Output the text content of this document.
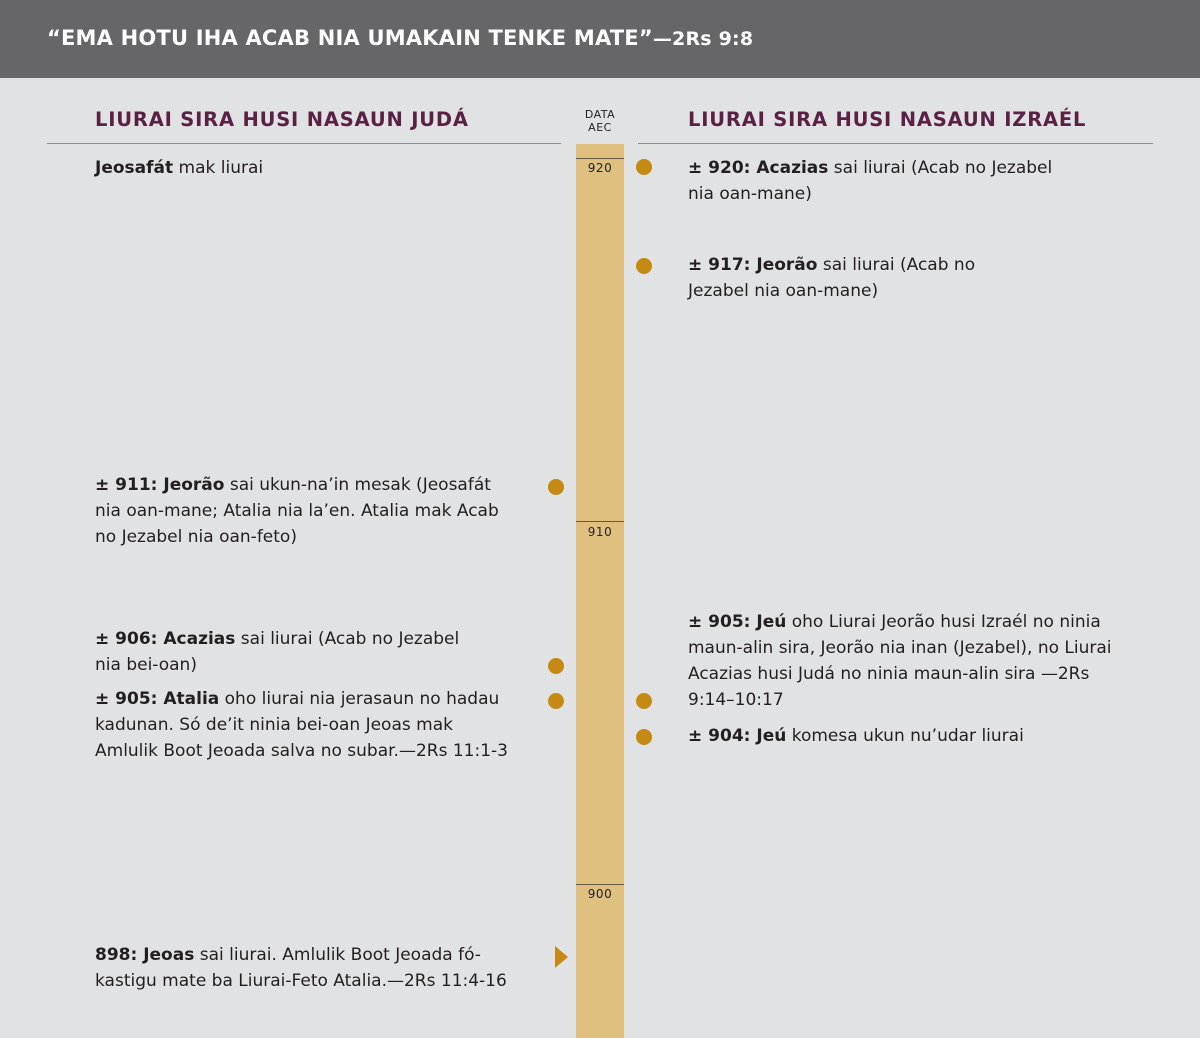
“EMA HOTU IHA ACAB NIA UMAKAIN TENKE MATE”—2Rs 9:8
LIURAI SIRA HUSI NASAUN JUDÁ	LIURAI SIRA HUSI NASAUN IZRAÉL
DATA
AEC
920
910
900
Jeosafát mak liurai
± 911: Jeorão sai ukun-na’in mesak (Jeosafát nia oan-mane; Atalia nia la’en. Atalia mak Acab no Jezabel nia oan-feto)
± 906: Acazias sai liurai (Acab no Jezabel nia bei-oan)
± 905: Atalia oho liurai nia jerasaun no hadau kadunan. Só de’it ninia bei-oan Jeoas mak Amlulik Boot Jeoada salva no subar.—2Rs 11:1-3
898: Jeoas sai liurai. Amlulik Boot Jeoada fó-kastigu mate ba Liurai-Feto Atalia.—2Rs 11:4-16
± 920: Acazias sai liurai (Acab no Jezabel nia oan-mane)
± 917: Jeorão sai liurai (Acab no Jezabel nia oan-mane)
± 905: Jeú oho Liurai Jeorão husi Izraél no ninia maun-alin sira, Jeorão nia inan (Jezabel), no Liurai Acazias husi Judá no ninia maun-alin sira —2Rs 9:14–10:17
± 904: Jeú komesa ukun nu’udar liurai
